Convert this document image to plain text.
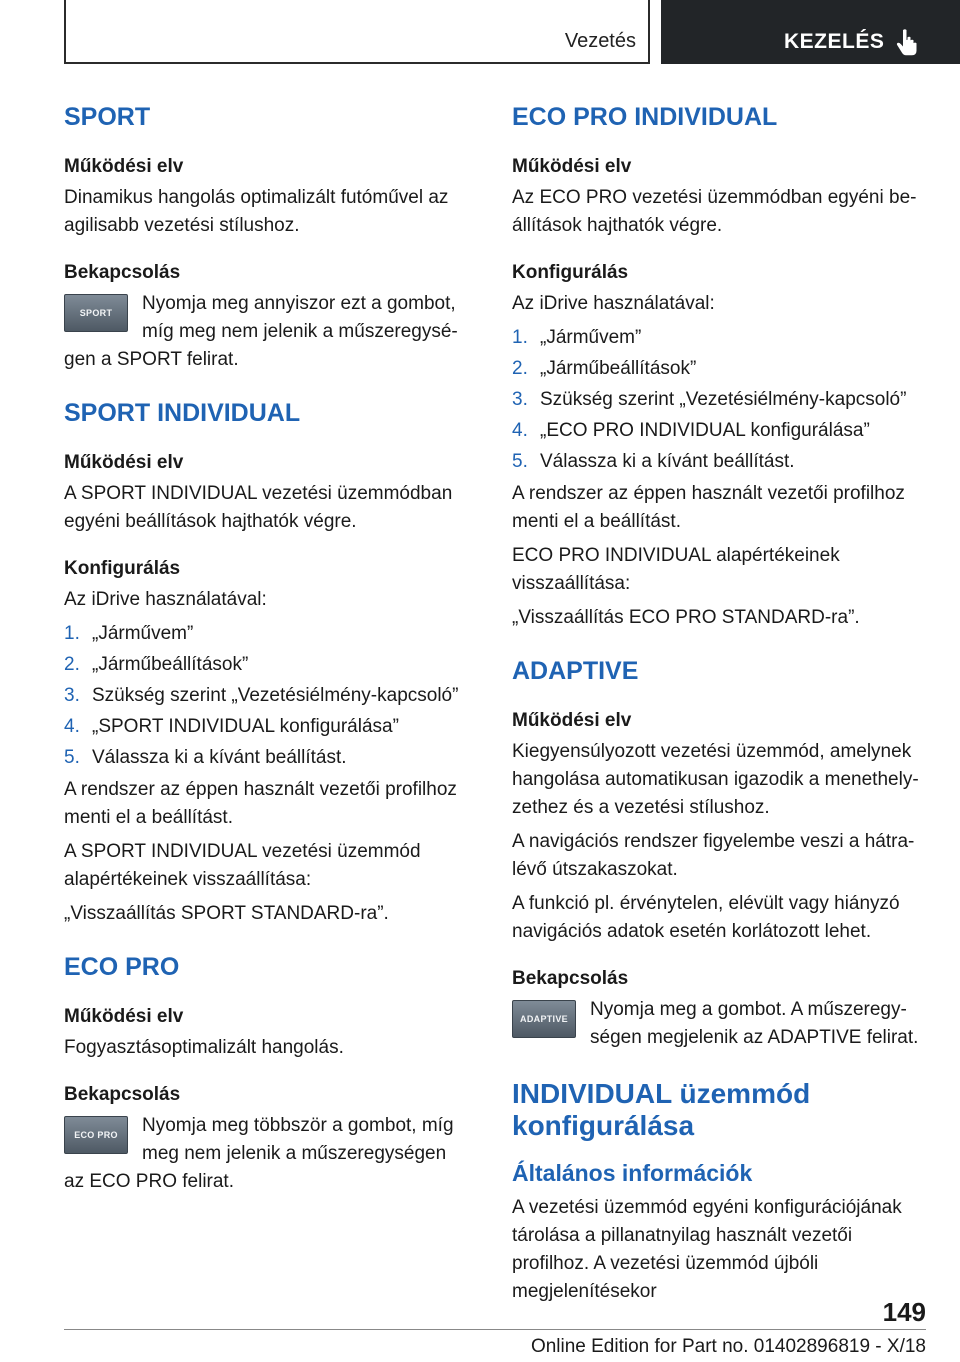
Vezetés	KEZELÉS
SPORT
Működési elv

Dinamikus hangolás optimalizált futóművel az agilisabb vezetési stílushoz.

Bekapcsolás
SPORT	Nyomja meg annyiszor ezt a gombot, míg meg nem jelenik a műszeregységen a SPORT felirat.

SPORT INDIVIDUAL
Működési elv

A SPORT INDIVIDUAL vezetési üzemmódban egyéni beállítások hajthatók végre.

Konfigurálás

Az iDrive használatával:

1. „Járművem”
2. „Járműbeállítások”
3. Szükség szerint „Vezetésiélmény-kapcsoló”
4. „SPORT INDIVIDUAL konfigurálása”
5. Válassza ki a kívánt beállítást.

A rendszer az éppen használt vezetői profilhoz menti el a beállítást.

A SPORT INDIVIDUAL vezetési üzemmód alapértékeinek visszaállítása:

„Visszaállítás SPORT STANDARD-ra”.

ECO PRO
Működési elv

Fogyasztásoptimalizált hangolás.

Bekapcsolás
ECO PRO	Nyomja meg többször a gombot, míg meg nem jelenik a műszeregységen az ECO PRO felirat.

ECO PRO INDIVIDUAL
Működési elv

Az ECO PRO vezetési üzemmódban egyéni beállítások hajthatók végre.

Konfigurálás

Az iDrive használatával:

1. „Járművem”
2. „Járműbeállítások”
3. Szükség szerint „Vezetésiélmény-kapcsoló”
4. „ECO PRO INDIVIDUAL konfigurálása”
5. Válassza ki a kívánt beállítást.

A rendszer az éppen használt vezetői profilhoz menti el a beállítást.

ECO PRO INDIVIDUAL alapértékeinek visszaállítása:

„Visszaállítás ECO PRO STANDARD-ra”.

ADAPTIVE
Működési elv

Kiegyensúlyozott vezetési üzemmód, amelynek hangolása automatikusan igazodik a menethelyzethez és a vezetési stílushoz.

A navigációs rendszer figyelembe veszi a hátralévő útszakaszokat.

A funkció pl. érvénytelen, elévült vagy hiányzó navigációs adatok esetén korlátozott lehet.

Bekapcsolás
ADAPTIVE	Nyomja meg a gombot. A műszeregységen megjelenik az ADAPTIVE felirat.

INDIVIDUAL üzemmód konfigurálása
Általános információk

A vezetési üzemmód egyéni konfigurációjának tárolása a pillanatnyilag használt vezetői profilhoz. A vezetési üzemmód újbóli megjelenítésekor

149
Online Edition for Part no. 01402896819 - X/18
